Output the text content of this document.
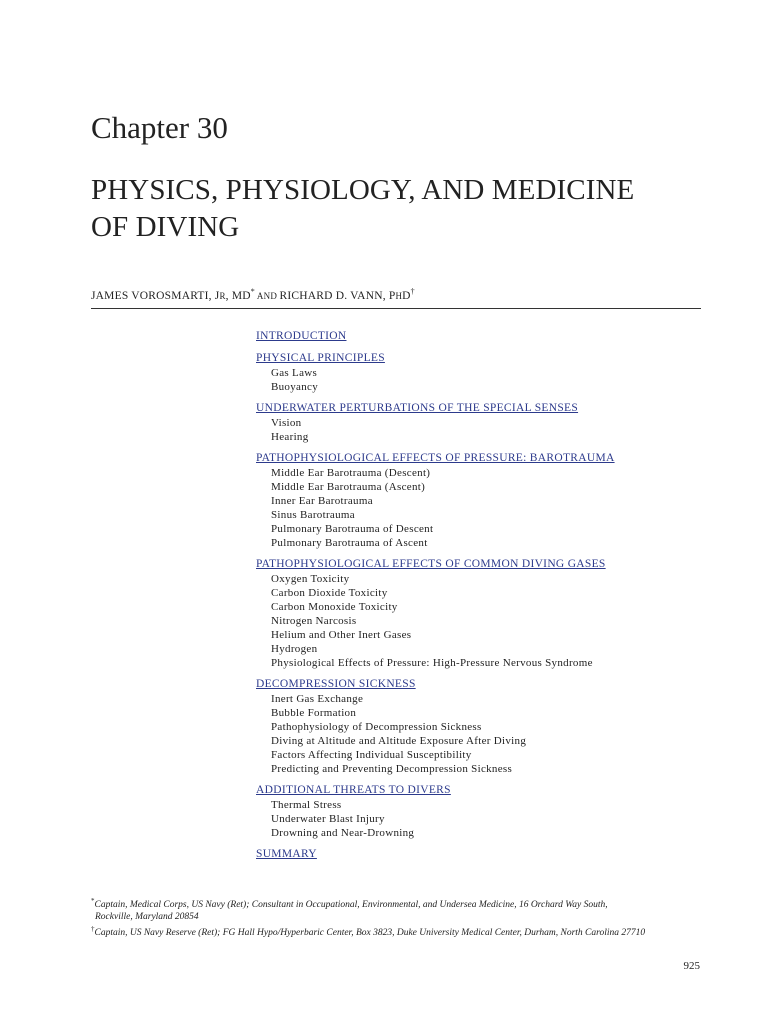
Chapter 30
PHYSICS, PHYSIOLOGY, AND MEDICINE
OF DIVING
JAMES VOROSMARTI, JR, MD* AND RICHARD D. VANN, PHD†
INTRODUCTION
PHYSICAL PRINCIPLES
Gas Laws
Buoyancy
UNDERWATER PERTURBATIONS OF THE SPECIAL SENSES
Vision
Hearing
PATHOPHYSIOLOGICAL EFFECTS OF PRESSURE: BAROTRAUMA
Middle Ear Barotrauma (Descent)
Middle Ear Barotrauma (Ascent)
Inner Ear Barotrauma
Sinus Barotrauma
Pulmonary Barotrauma of Descent
Pulmonary Barotrauma of Ascent
PATHOPHYSIOLOGICAL EFFECTS OF COMMON DIVING GASES
Oxygen Toxicity
Carbon Dioxide Toxicity
Carbon Monoxide Toxicity
Nitrogen Narcosis
Helium and Other Inert Gases
Hydrogen
Physiological Effects of Pressure: High-Pressure Nervous Syndrome
DECOMPRESSION SICKNESS
Inert Gas Exchange
Bubble Formation
Pathophysiology of Decompression Sickness
Diving at Altitude and Altitude Exposure After Diving
Factors Affecting Individual Susceptibility
Predicting and Preventing Decompression Sickness
ADDITIONAL THREATS TO DIVERS
Thermal Stress
Underwater Blast Injury
Drowning and Near-Drowning
SUMMARY
*Captain, Medical Corps, US Navy (Ret); Consultant in Occupational, Environmental, and Undersea Medicine, 16 Orchard Way South,
Rockville, Maryland 20854
†Captain, US Navy Reserve (Ret); FG Hall Hypo/Hyperbaric Center, Box 3823, Duke University Medical Center, Durham, North Carolina 27710
925
